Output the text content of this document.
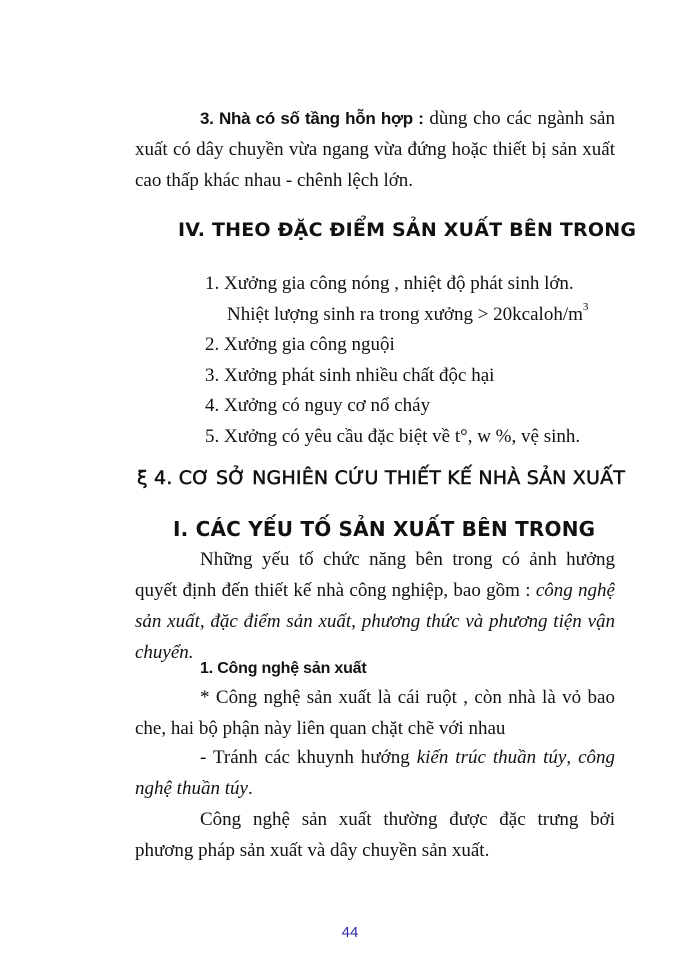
3. Nhà có số tầng hỗn hợp : dùng cho các ngành sản xuất có dây chuyền vừa ngang vừa đứng hoặc thiết bị sản xuất cao thấp khác nhau - chênh lệch lớn.
IV. THEO ĐẶC ĐIỂM SẢN XUẤT BÊN TRONG
1. Xưởng gia công nóng , nhiệt độ phát sinh lớn.
Nhiệt lượng sinh ra trong xưởng > $20kcaloh/m^3$
2. Xưởng gia công nguội
3. Xưởng phát sinh nhiều chất độc hại
4. Xưởng có nguy cơ nổ cháy
5. Xưởng có yêu cầu đặc biệt về t°, w %, vệ sinh.
ξ 4. CƠ SỞ NGHIÊN CỨU THIẾT KẾ NHÀ SẢN XUẤT
I. CÁC YẾU TỐ SẢN XUẤT BÊN TRONG
Những yếu tố chức năng bên trong có ảnh hưởng quyết định đến thiết kế nhà công nghiệp, bao gồm : công nghệ sản xuất, đặc điểm sản xuất, phương thức và phương tiện vận chuyển.
1. Công nghệ sản xuất
* Công nghệ sản xuất là cái ruột , còn nhà là vỏ bao che, hai bộ phận này liên quan chặt chẽ với nhau
- Tránh các khuynh hướng kiến trúc thuần túy, công nghệ thuần túy.
Công nghệ sản xuất thường được đặc trưng bởi phương pháp sản xuất và dây chuyền sản xuất.
44
